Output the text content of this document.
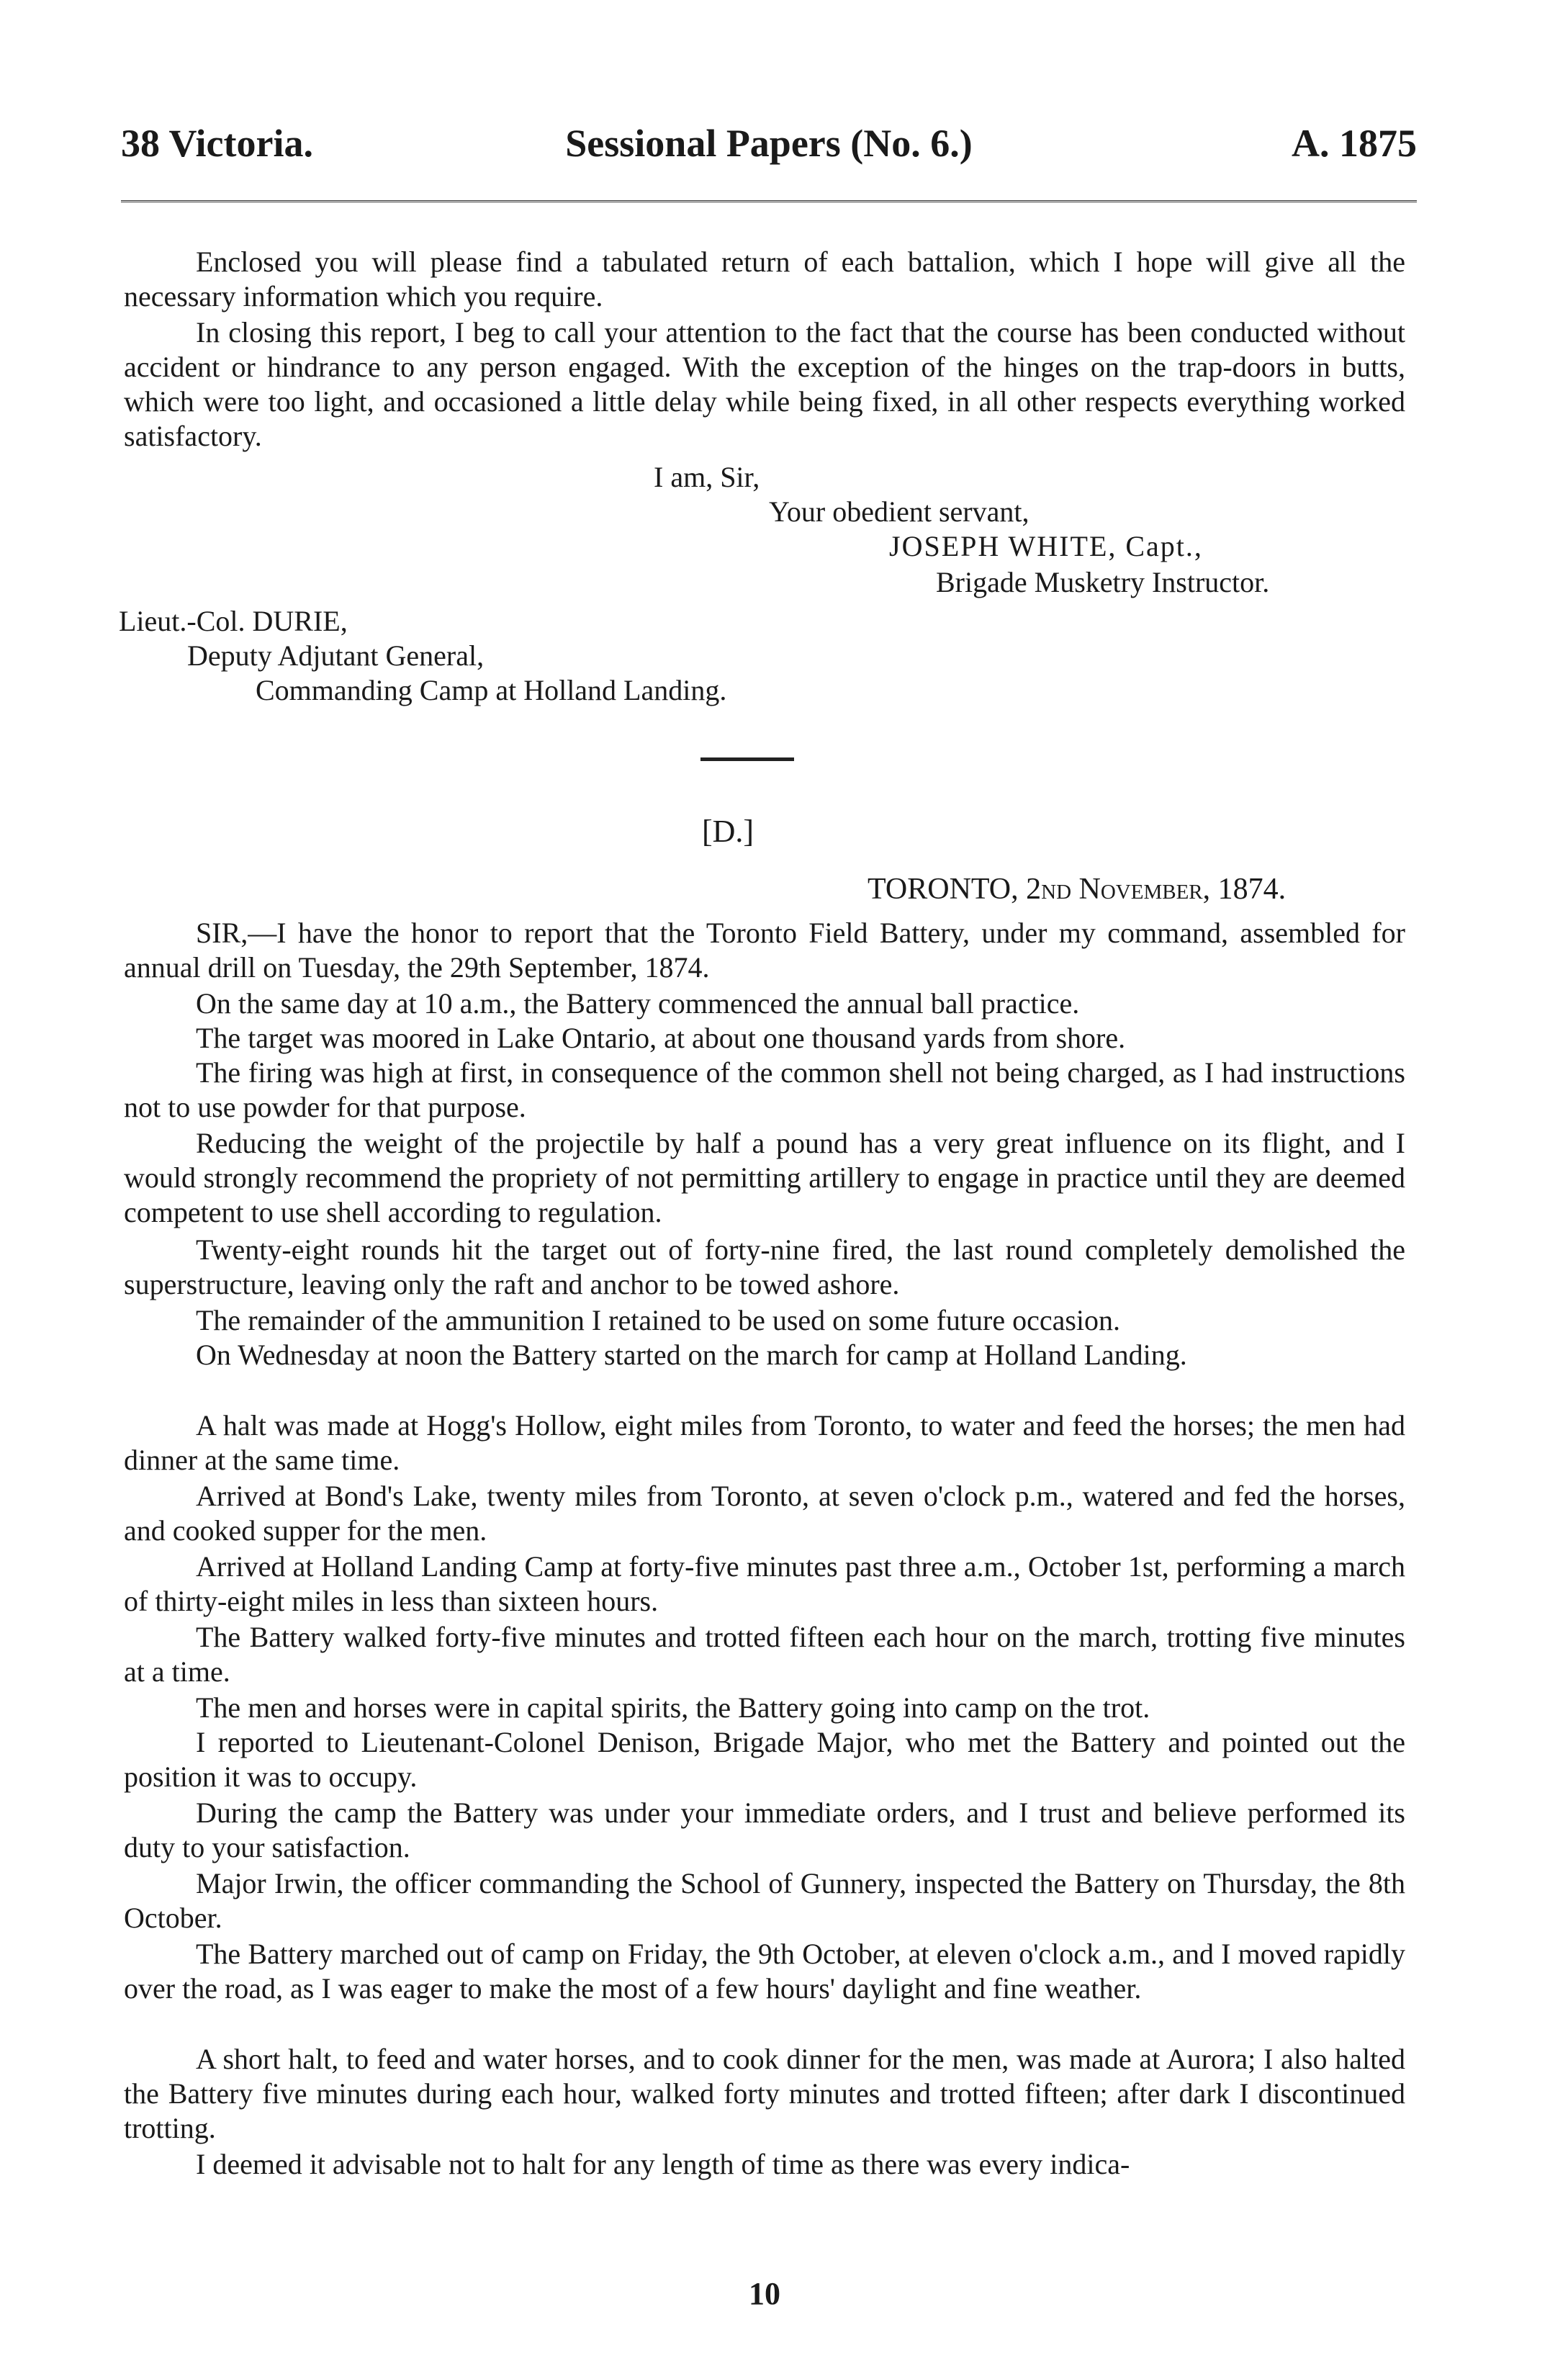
38 Victoria.	Sessional Papers (No. 6.)	A. 1875

Enclosed you will please find a tabulated return of each battalion, which I hope will give all the necessary information which you require.

In closing this report, I beg to call your attention to the fact that the course has been conducted without accident or hindrance to any person engaged. With the exception of the hinges on the trap-doors in butts, which were too light, and occasioned a little delay while being fixed, in all other respects everything worked satisfactory.

I am, Sir,
Your obedient servant,
JOSEPH WHITE, Capt.,
Brigade Musketry Instructor.
Lieut.-Col. DURIE,
Deputy Adjutant General,
Commanding Camp at Holland Landing.
[D.]
TORONTO, 2nd November, 1874.

SIR,—I have the honor to report that the Toronto Field Battery, under my command, assembled for annual drill on Tuesday, the 29th September, 1874.

On the same day at 10 a.m., the Battery commenced the annual ball practice.

The target was moored in Lake Ontario, at about one thousand yards from shore.

The firing was high at first, in consequence of the common shell not being charged, as I had instructions not to use powder for that purpose.

Reducing the weight of the projectile by half a pound has a very great influence on its flight, and I would strongly recommend the propriety of not permitting artillery to engage in practice until they are deemed competent to use shell according to regulation.

Twenty-eight rounds hit the target out of forty-nine fired, the last round completely demolished the superstructure, leaving only the raft and anchor to be towed ashore.

The remainder of the ammunition I retained to be used on some future occasion.

On Wednesday at noon the Battery started on the march for camp at Holland Landing.

A halt was made at Hogg's Hollow, eight miles from Toronto, to water and feed the horses; the men had dinner at the same time.

Arrived at Bond's Lake, twenty miles from Toronto, at seven o'clock p.m., watered and fed the horses, and cooked supper for the men.

Arrived at Holland Landing Camp at forty-five minutes past three a.m., October 1st, performing a march of thirty-eight miles in less than sixteen hours.

The Battery walked forty-five minutes and trotted fifteen each hour on the march, trotting five minutes at a time.

The men and horses were in capital spirits, the Battery going into camp on the trot.

I reported to Lieutenant-Colonel Denison, Brigade Major, who met the Battery and pointed out the position it was to occupy.

During the camp the Battery was under your immediate orders, and I trust and believe performed its duty to your satisfaction.

Major Irwin, the officer commanding the School of Gunnery, inspected the Battery on Thursday, the 8th October.

The Battery marched out of camp on Friday, the 9th October, at eleven o'clock a.m., and I moved rapidly over the road, as I was eager to make the most of a few hours' daylight and fine weather.

A short halt, to feed and water horses, and to cook dinner for the men, was made at Aurora; I also halted the Battery five minutes during each hour, walked forty minutes and trotted fifteen; after dark I discontinued trotting.

I deemed it advisable not to halt for any length of time as there was every indica-

10
